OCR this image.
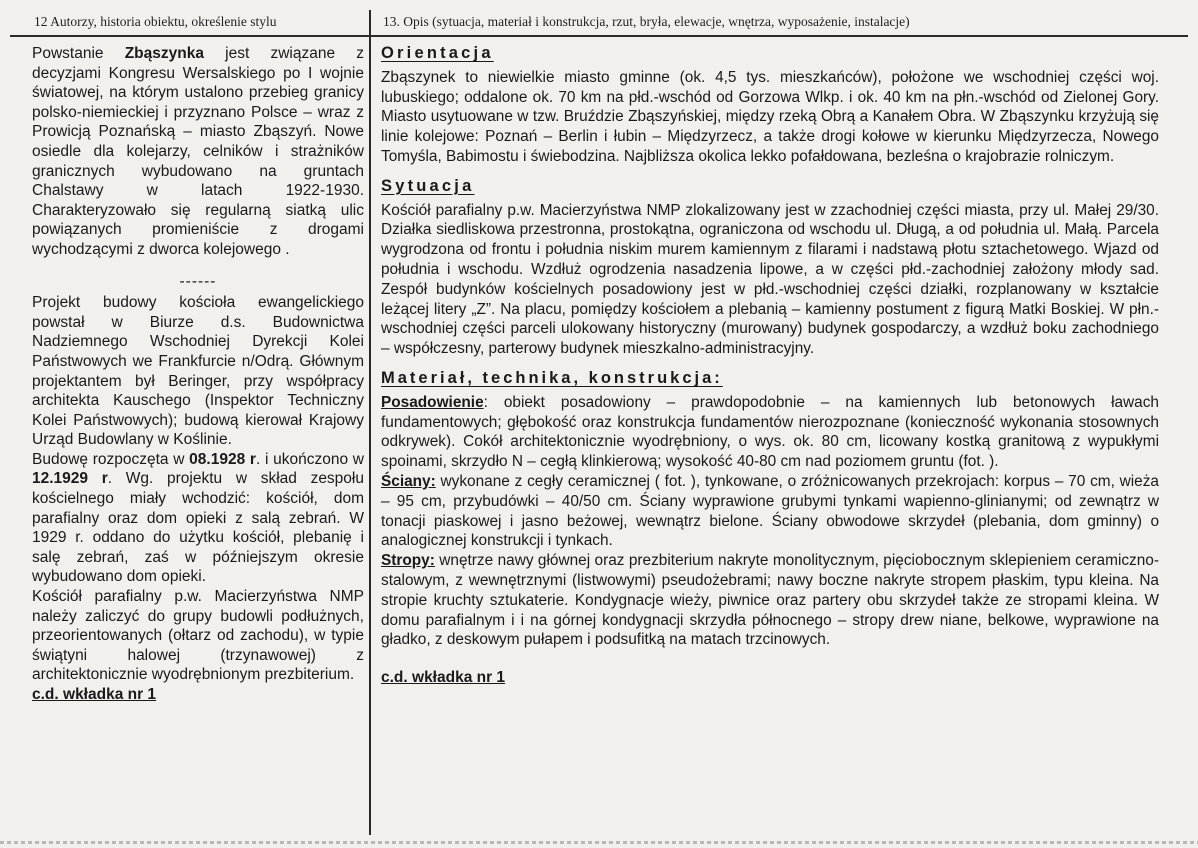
12 Autorzy, historia obiektu, określenie stylu	13. Opis (sytuacja, materiał i konstrukcja, rzut, bryła, elewacje, wnętrza, wyposażenie, instalacje)

Powstanie Zbąszynka jest związane z decyzjami Kongresu Wersalskiego po I wojnie światowej, na którym ustalono przebieg granicy polsko-niemieckiej i przyznano Polsce – wraz z Prowicją Poznańską – miasto Zbąszyń. Nowe osiedle dla kolejarzy, celników i strażników granicznych wybudowano na gruntach Chalstawy w latach 1922-1930. Charakteryzowało się regularną siatką ulic powiązanych promieniście z drogami wychodzącymi z dworca kolejowego .

------

Projekt budowy kościoła ewangelickiego powstał w Biurze d.s. Budownictwa Nadziemnego Wschodniej Dyrekcji Kolei Państwowych we Frankfurcie n/Odrą. Głównym projektantem był Beringer, przy współpracy architekta Kauschego (Inspektor Techniczny Kolei Państwowych); budową kierował Krajowy Urząd Budowlany w Koślinie.

Budowę rozpoczęta w 08.1928 r. i ukończono w 12.1929 r. Wg. projektu w skład zespołu kościelnego miały wchodzić: kościół, dom parafialny oraz dom opieki z salą zebrań. W 1929 r. oddano do użytku kościół, plebanię i salę zebrań, zaś w późniejszym okresie wybudowano dom opieki.

Kościół parafialny p.w. Macierzyństwa NMP należy zaliczyć do grupy budowli podłużnych, przeorientowanych (ołtarz od zachodu), w typie świątyni halowej (trzynawowej) z architektonicznie wyodrębnionym prezbiterium.

c.d. wkładka nr 1
Orientacja

Zbąszynek to niewielkie miasto gminne (ok. 4,5 tys. mieszkańców), położone we wschodniej części woj. lubuskiego; oddalone ok. 70 km na płd.-wschód od Gorzowa Wlkp. i ok. 40 km na płn.-wschód od Zielonej Gory. Miasto usytuowane w tzw. Bruździe Zbąszyńskiej, między rzeką Obrą a Kanałem Obra. W Zbąszynku krzyżują się linie kolejowe: Poznań – Berlin i łubin – Międzyrzecz, a także drogi kołowe w kierunku Międzyrzecza, Nowego Tomyśla, Babimostu i świebodzina. Najbliższa okolica lekko pofałdowana, bezleśna o krajobrazie rolniczym.

Sytuacja

Kościół parafialny p.w. Macierzyństwa NMP zlokalizowany jest w zzachodniej części miasta, przy ul. Małej 29/30. Działka siedliskowa przestronna, prostokątna, ograniczona od wschodu ul. Długą, a od południa ul. Małą. Parcela wygrodzona od frontu i południa niskim murem kamiennym z filarami i nadstawą płotu sztachetowego. Wjazd od południa i wschodu. Wzdłuż ogrodzenia nasadzenia lipowe, a w części płd.-zachodniej założony młody sad. Zespół budynków kościelnych posadowiony jest w płd.-wschodniej części działki, rozplanowany w kształcie leżącej litery „Z”. Na placu, pomiędzy kościołem a plebanią – kamienny postument z figurą Matki Boskiej. W płn.-wschodniej części parceli ulokowany historyczny (murowany) budynek gospodarczy, a wzdłuż boku zachodniego – współczesny, parterowy budynek mieszkalno-administracyjny.

Materiał, technika, konstrukcja:

Posadowienie: obiekt posadowiony – prawdopodobnie – na kamiennych lub betonowych ławach fundamentowych; głębokość oraz konstrukcja fundamentów nierozpoznane (konieczność wykonania stosownych odkrywek). Cokół architektonicznie wyodrębniony, o wys. ok. 80 cm, licowany kostką granitową z wypukłymi spoinami, skrzydło N – cegłą klinkierową; wysokość 40-80 cm nad poziomem gruntu (fot. ).

Ściany: wykonane z cegły ceramicznej ( fot. ), tynkowane, o zróżnicowanych przekrojach: korpus – 70 cm, wieża – 95 cm, przybudówki – 40/50 cm. Ściany wyprawione grubymi tynkami wapienno-glinianymi; od zewnątrz w tonacji piaskowej i jasno beżowej, wewnątrz bielone. Ściany obwodowe skrzydeł (plebania, dom gminny) o analogicznej konstrukcji i tynkach.

Stropy: wnętrze nawy głównej oraz prezbiterium nakryte monolitycznym, pięciobocznym sklepieniem ceramiczno-stalowym, z wewnętrznymi (listwowymi) pseudożebrami; nawy boczne nakryte stropem płaskim, typu kleina. Na stropie kruchty sztukaterie. Kondygnacje wieży, piwnice oraz partery obu skrzydeł także ze stropami kleina. W domu parafialnym i i na górnej kondygnacji skrzydła północnego – stropy drew niane, belkowe, wyprawione na gładko, z deskowym pułapem i podsufitką na matach trzcinowych.

c.d. wkładka nr 1
